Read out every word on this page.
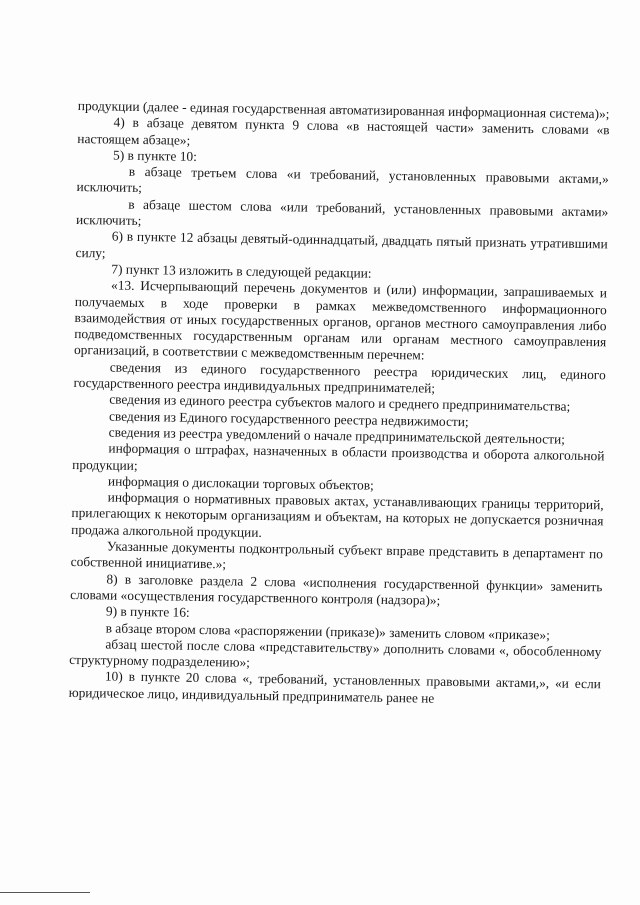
продукции (далее - единая государственная автоматизированная информационная система)»;

4) в абзаце девятом пункта 9 слова «в настоящей части» заменить словами «в настоящем абзаце»;

5) в пункте 10:

в абзаце третьем слова «и требований, установленных правовыми актами,» исключить;

в абзаце шестом слова «или требований, установленных правовыми актами» исключить;

6) в пункте 12 абзацы девятый-одиннадцатый, двадцать пятый признать утратившими силу;

7) пункт 13 изложить в следующей редакции:

«13. Исчерпывающий перечень документов и (или) информации, запрашиваемых и получаемых в ходе проверки в рамках межведомственного информационного взаимодействия от иных государственных органов, органов местного самоуправления либо подведомственных государственным органам или органам местного самоуправления организаций, в соответствии с межведомственным перечнем:

сведения из единого государственного реестра юридических лиц, единого государственного реестра индивидуальных предпринимателей;

сведения из единого реестра субъектов малого и среднего предпринимательства;

сведения из Единого государственного реестра недвижимости;

сведения из реестра уведомлений о начале предпринимательской деятельности;

информация о штрафах, назначенных в области производства и оборота алкогольной продукции;

информация о дислокации торговых объектов;

информация о нормативных правовых актах, устанавливающих границы территорий, прилегающих к некоторым организациям и объектам, на которых не допускается розничная продажа алкогольной продукции.

Указанные документы подконтрольный субъект вправе представить в департамент по собственной инициативе.»;

8) в заголовке раздела 2 слова «исполнения государственной функции» заменить словами «осуществления государственного контроля (надзора)»;

9) в пункте 16:

в абзаце втором слова «распоряжении (приказе)» заменить словом «приказе»;

абзац шестой после слова «представительству» дополнить словами «, обособленному структурному подразделению»;

10) в пункте 20 слова «, требований, установленных правовыми актами,», «и если юридическое лицо, индивидуальный предприниматель ранее не
